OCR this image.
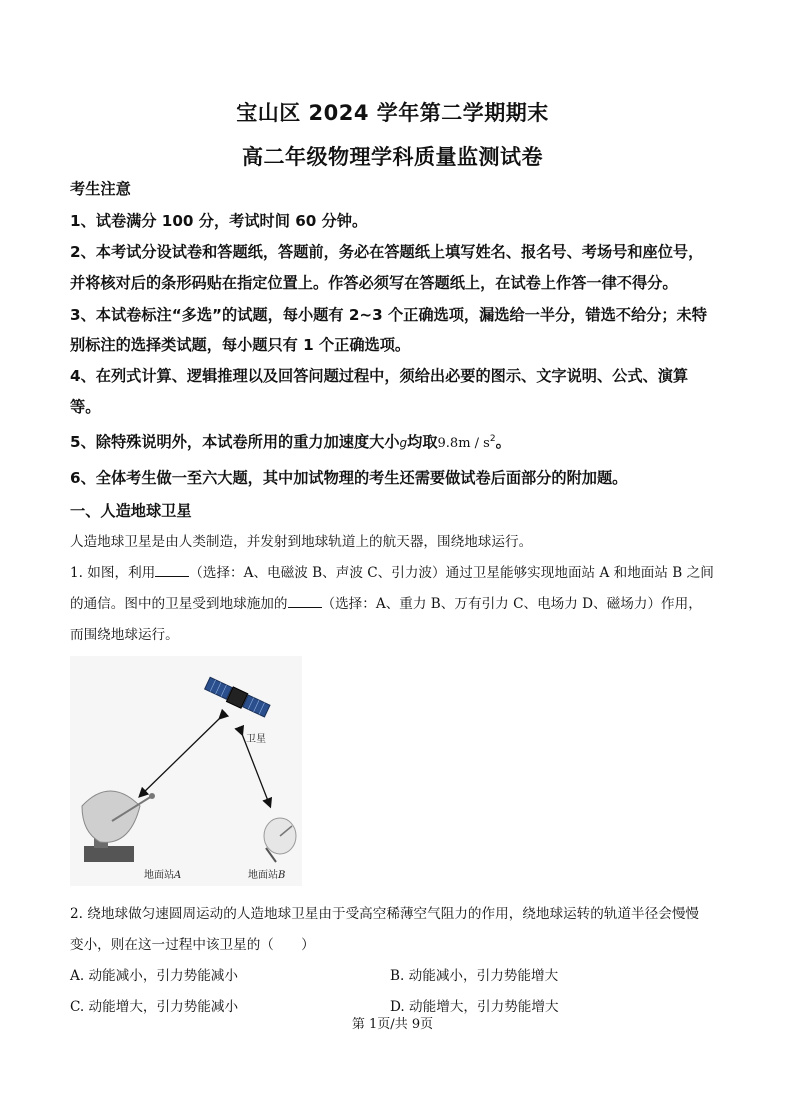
宝山区 2024 学年第二学期期末
高二年级物理学科质量监测试卷
考生注意
1、试卷满分 100 分，考试时间 60 分钟。
2、本考试分设试卷和答题纸，答题前，务必在答题纸上填写姓名、报名号、考场号和座位号，
并将核对后的条形码贴在指定位置上。作答必须写在答题纸上，在试卷上作答一律不得分。
3、本试卷标注“多选”的试题，每小题有 2~3 个正确选项，漏选给一半分，错选不给分；未特
别标注的选择类试题，每小题只有 1 个正确选项。
4、在列式计算、逻辑推理以及回答问题过程中，须给出必要的图示、文字说明、公式、演算
等。
5、除特殊说明外，本试卷所用的重力加速度大小g均取$9.8m / s^2$。
6、全体考生做一至六大题，其中加试物理的考生还需要做试卷后面部分的附加题。
一、人造地球卫星
人造地球卫星是由人类制造，并发射到地球轨道上的航天器，围绕地球运行。
1. 如图，利用	（选择：A、电磁波 B、声波 C、引力波）通过卫星能够实现地面站 A 和地面站 B 之间
的通信。图中的卫星受到地球施加的	（选择：A、重力 B、万有引力 C、电场力 D、磁场力）作用，
而围绕地球运行。
卫星
地面站A	地面站B
2. 绕地球做匀速圆周运动的人造地球卫星由于受高空稀薄空气阻力的作用，绕地球运转的轨道半径会慢慢
变小，则在这一过程中该卫星的（　　）
A. 动能减小，引力势能减小	B. 动能减小，引力势能增大
C. 动能增大，引力势能减小	D. 动能增大，引力势能增大
第 1页/共 9页
